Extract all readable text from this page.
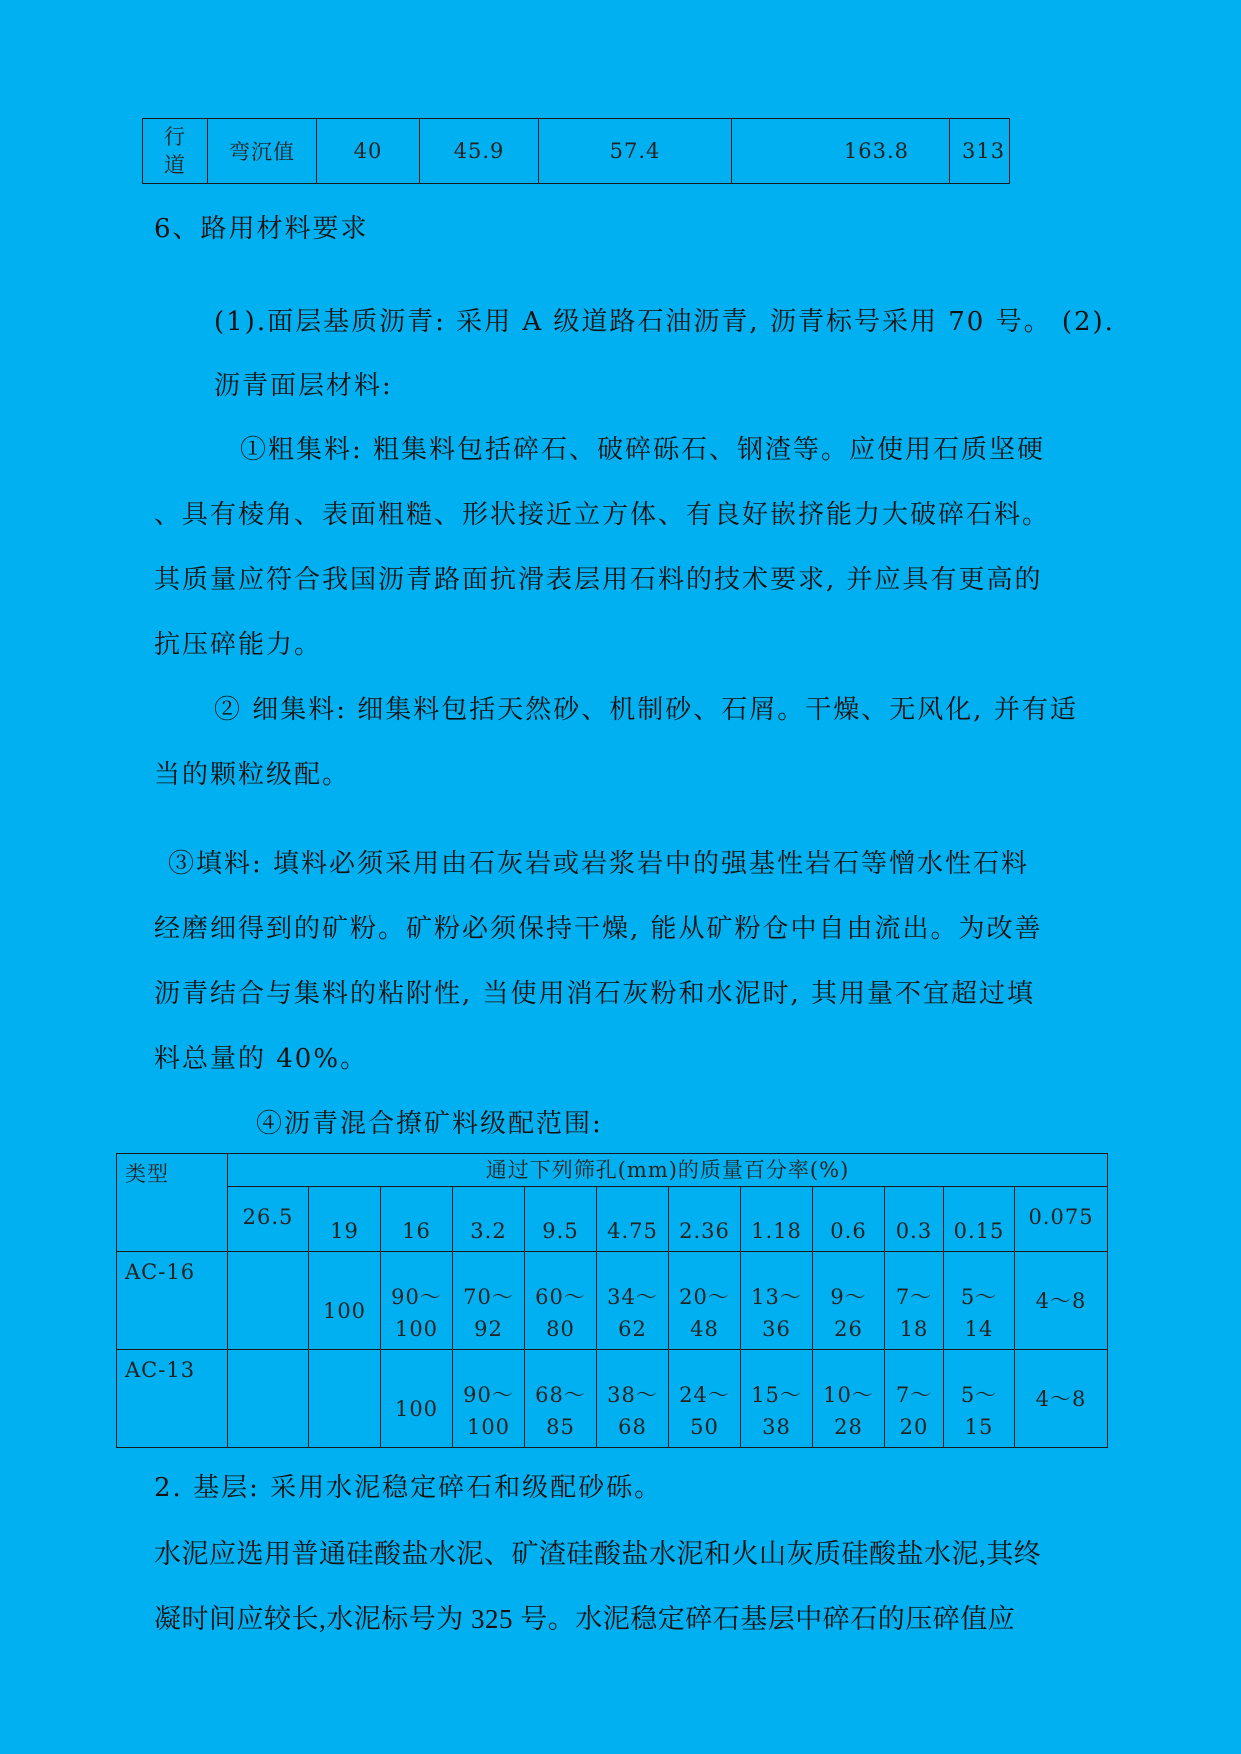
行道	弯沉值	40	45.9	57.4	163.8	313

6、路用材料要求

(1).面层基质沥青: 采用 A 级道路石油沥青, 沥青标号采用 70 号。 (2).

沥青面层材料:

①粗集料: 粗集料包括碎石、破碎砾石、钢渣等。应使用石质坚硬

、具有棱角、表面粗糙、形状接近立方体、有良好嵌挤能力大破碎石料。

其质量应符合我国沥青路面抗滑表层用石料的技术要求, 并应具有更高的

抗压碎能力。

② 细集料: 细集料包括天然砂、机制砂、石屑。干燥、无风化, 并有适

当的颗粒级配。

③填料: 填料必须采用由石灰岩或岩浆岩中的强基性岩石等憎水性石料

经磨细得到的矿粉。矿粉必须保持干燥, 能从矿粉仓中自由流出。为改善

沥青结合与集料的粘附性, 当使用消石灰粉和水泥时, 其用量不宜超过填

料总量的 40%。

④沥青混合撩矿料级配范围:

类型	通过下列筛孔(mm)的质量百分率(%)											
	26.5	19	16	3.2	9.5	4.75	2.36	1.18	0.6	0.3	0.15	0.075
AC-16		100	90～
100	70～
92	60～
80	34～
62	20～
48	13～
36	9～
26	7～
18	5～
14	4～8
AC-13			100	90～
100	68～
85	38～
68	24～
50	15～
38	10～
28	7～
20	5～
15	4～8

2. 基层: 采用水泥稳定碎石和级配砂砾。

水泥应选用普通硅酸盐水泥、矿渣硅酸盐水泥和火山灰质硅酸盐水泥,其终

凝时间应较长,水泥标号为 325 号。水泥稳定碎石基层中碎石的压碎值应
